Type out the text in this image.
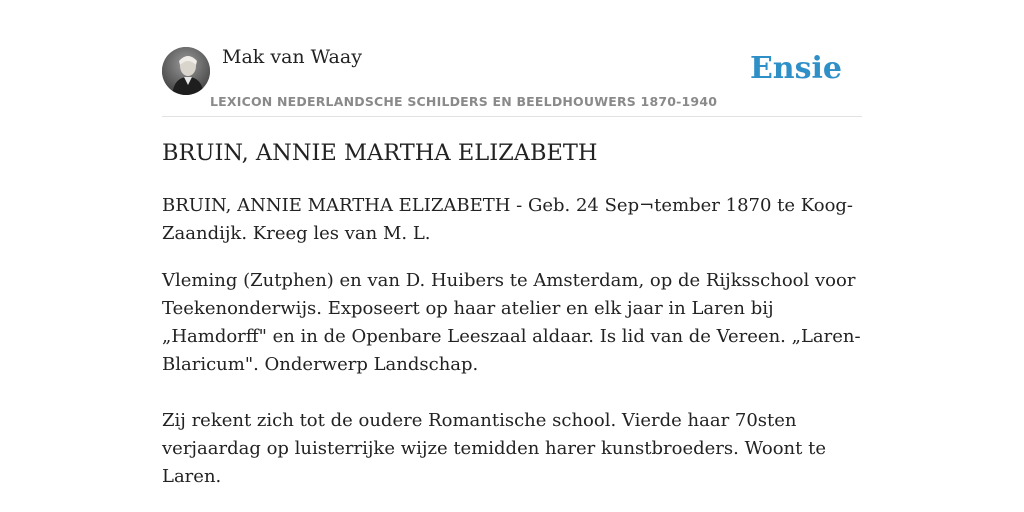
Mak van Waay
LEXICON NEDERLANDSCHE SCHILDERS EN BEELDHOUWERS 1870-1940
Ensie
BRUIN, ANNIE MARTHA ELIZABETH

BRUIN, ANNIE MARTHA ELIZABETH - Geb. 24 Sep¬tember 1870 te Koog-Zaandijk. Kreeg les van M. L.

Vleming (Zutphen) en van D. Huibers te Amsterdam, op de Rijksschool voor Teekenonderwijs. Exposeert op haar atelier en elk jaar in Laren bij „Hamdorff" en in de Openbare Leeszaal aldaar. Is lid van de Vereen. „Laren-Blaricum". Onderwerp Landschap.

Zij rekent zich tot de oudere Romantische school. Vierde haar 70sten verjaardag op luisterrijke wijze temidden harer kunstbroeders. Woont te Laren.
